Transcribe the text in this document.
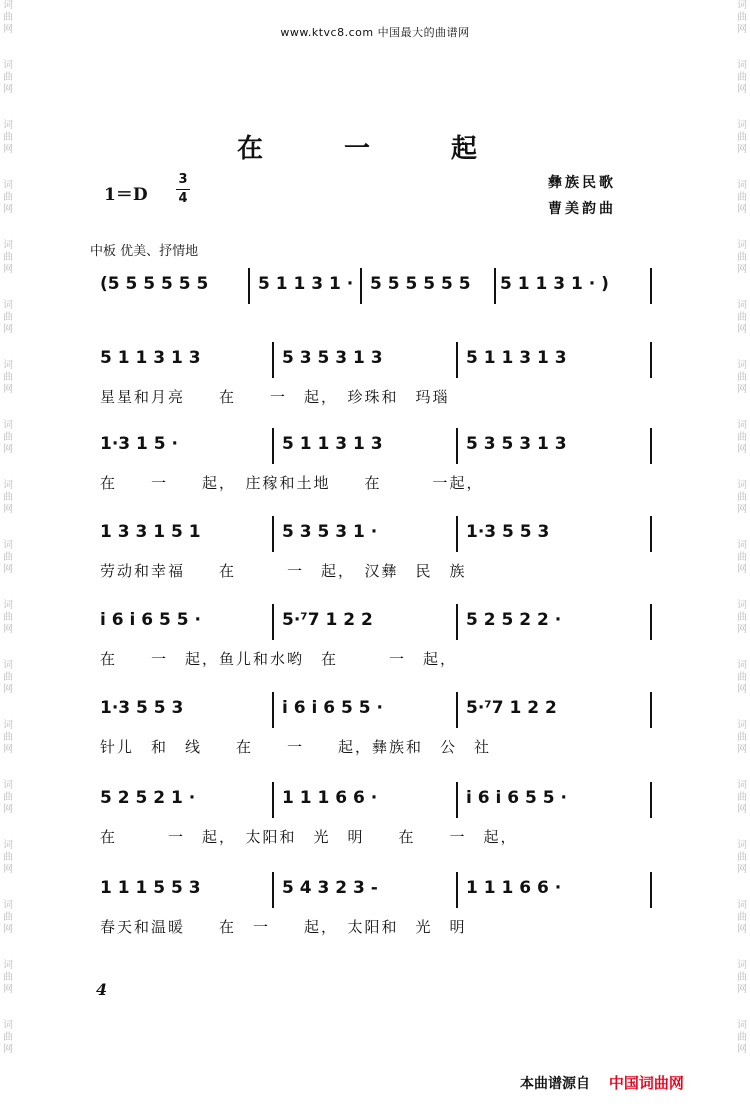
词
曲
网
词
曲
网
词
曲
网
词
曲
网
词
曲
网
词
曲
网
词
曲
网
词
曲
网
词
曲
网
词
曲
网
词
曲
网
词
曲
网
词
曲
网
词
曲
网
词
曲
网
词
曲
网
词
曲
网
词
曲
网
词
曲
网
词
曲
网
词
曲
网
词
曲
网
词
曲
网
词
曲
网
词
曲
网
词
曲
网
词
曲
网
词
曲
网
词
曲
网
词
曲
网
词
曲
网
词
曲
网
词
曲
网
词
曲
网
词
曲
网
词
曲
网
www.ktvc8.com 中国最大的曲谱网
在 一 起
1＝D
3
4
彝族民歌
曹美韵曲
中板 优美、抒情地
(5 5 5 5 5 5	5 1 1 3 1 · 5 5 5 5 5 5 5 1 1 3 1 · )
5 1 1 3 1 3	5 3 5 3 1 3	5 1 1 3 1 3
星星和月亮　　在　　一　起，　珍珠和　玛瑙
1·3 1 5 ·	5 1 1 3 1 3	5 3 5 3 1 3
在　　一　　起，　庄稼和土地　　在　　　一起，
1 3 3 1 5 1	5 3 5 3 1 ·	1·3 5 5 3
劳动和幸福　　在　　　一　起，　汉彝　民　族
i 6 i 6 5 5 ·	5·⁷7 1 2 2	5 2 5 2 2 ·
在　　一　起，鱼儿和水哟　在　　　一　起，
1·3 5 5 3	i 6 i 6 5 5 ·	5·⁷7 1 2 2
针儿　和　线　　在　　一　　起，彝族和　公　社
5 2 5 2 1 ·	1 1 1 6 6 ·	i 6 i 6 5 5 ·
在　　　一　起，　太阳和　光　明　　在　　一　起，
1 1 1 5 5 3	5 4 3 2 3 -	1 1 1 6 6 ·
春天和温暖　　在　一　　起，　太阳和　光　明
4
本曲谱源自 中国词曲网
